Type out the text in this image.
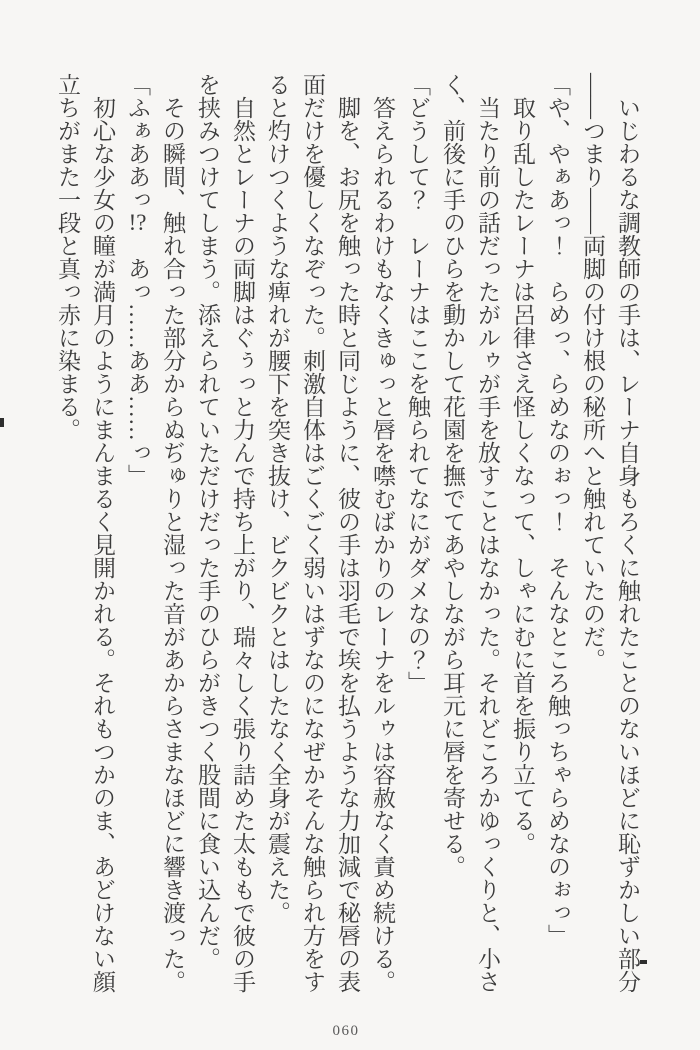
いじわるな調教師の手は、レーナ自身もろくに触れたことのないほどに恥ずかしい部分――つまり――両脚の付け根の秘所へと触れていたのだ。

「や、やぁあっ！　らめっ、らめなのぉっ！　そんなところ触っちゃらめなのぉっ」

取り乱したレーナは呂律さえ怪しくなって、しゃにむに首を振り立てる。

当たり前の話だったがルゥが手を放すことはなかった。それどころかゆっくりと、小さく、前後に手のひらを動かして花園を撫でてあやしながら耳元に唇を寄せる。

「どうして？　レーナはここを触られてなにがダメなの？」

答えられるわけもなくきゅっと唇を噤むばかりのレーナをルゥは容赦なく責め続ける。

脚を、お尻を触った時と同じように、彼の手は羽毛で埃を払うような力加減で秘唇の表面だけを優しくなぞった。刺激自体はごくごく弱いはずなのになぜかそんな触られ方をすると灼けつくような痺れが腰下を突き抜け、ビクビクとはしたなく全身が震えた。

自然とレーナの両脚はぐぅっと力んで持ち上がり、瑞々しく張り詰めた太ももで彼の手を挟みつけてしまう。添えられていただけだった手のひらがきつく股間に食い込んだ。

その瞬間、触れ合った部分からぬぢゅりと湿った音があからさまなほどに響き渡った。

「ふぁああっ!?　あっ……ああ……っ」

初心な少女の瞳が満月のようにまんまるく見開かれる。それもつかのま、あどけない顔立ちがまた一段と真っ赤に染まる。

060
